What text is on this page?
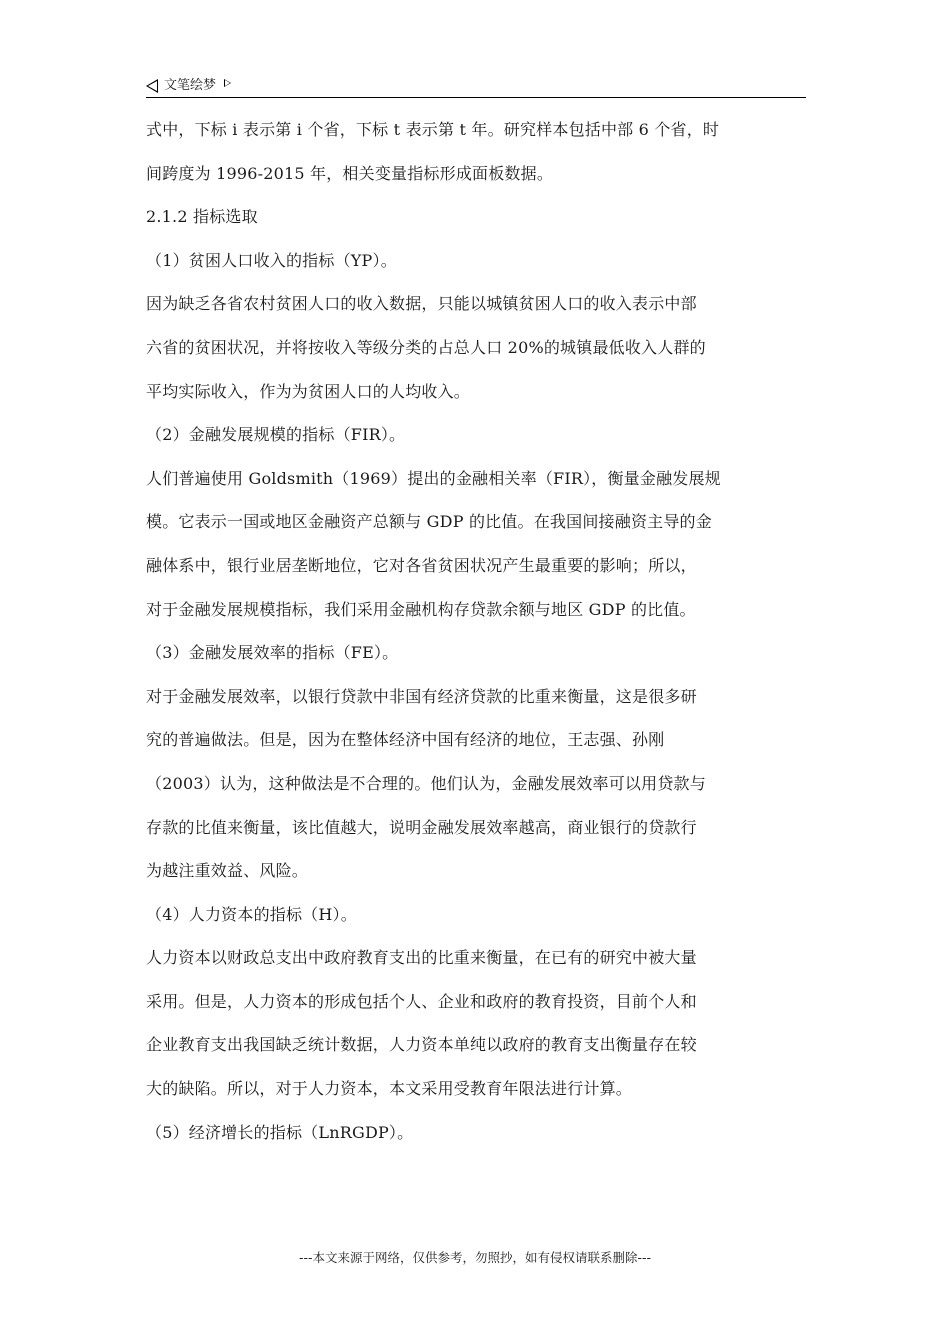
文笔绘梦

式中，下标 i 表示第 i 个省，下标 t 表示第 t 年。研究样本包括中部 6 个省，时

间跨度为 1996-2015 年，相关变量指标形成面板数据。

2.1.2 指标选取

（1）贫困人口收入的指标（YP）。

因为缺乏各省农村贫困人口的收入数据，只能以城镇贫困人口的收入表示中部

六省的贫困状况，并将按收入等级分类的占总人口 20%的城镇最低收入人群的

平均实际收入，作为为贫困人口的人均收入。

（2）金融发展规模的指标（FIR）。

人们普遍使用 Goldsmith（1969）提出的金融相关率（FIR），衡量金融发展规

模。它表示一国或地区金融资产总额与 GDP 的比值。在我国间接融资主导的金

融体系中，银行业居垄断地位，它对各省贫困状况产生最重要的影响；所以，

对于金融发展规模指标，我们采用金融机构存贷款余额与地区 GDP 的比值。

（3）金融发展效率的指标（FE）。

对于金融发展效率，以银行贷款中非国有经济贷款的比重来衡量，这是很多研

究的普遍做法。但是，因为在整体经济中国有经济的地位，王志强、孙刚

（2003）认为，这种做法是不合理的。他们认为，金融发展效率可以用贷款与

存款的比值来衡量，该比值越大，说明金融发展效率越高，商业银行的贷款行

为越注重效益、风险。

（4）人力资本的指标（H）。

人力资本以财政总支出中政府教育支出的比重来衡量，在已有的研究中被大量

采用。但是，人力资本的形成包括个人、企业和政府的教育投资，目前个人和

企业教育支出我国缺乏统计数据，人力资本单纯以政府的教育支出衡量存在较

大的缺陷。所以，对于人力资本，本文采用受教育年限法进行计算。

（5）经济增长的指标（LnRGDP）。

---本文来源于网络，仅供参考，勿照抄，如有侵权请联系删除---
